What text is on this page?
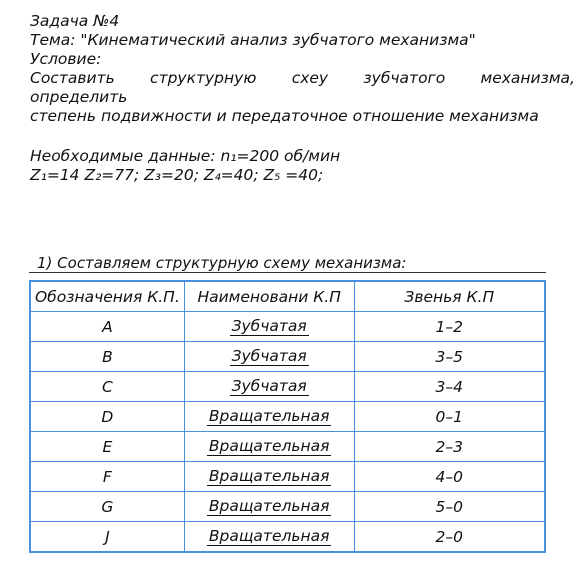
Задача №4
Тема: "Кинематический анализ зубчатого механизма"
Условие:
Составить структурную схеу зубчатого механизма,
определить
степень подвижности и передаточное отношение механизма
Необходимые данные: n₁=200 об/мин
Z₁=14 Z₂=77; Z₃=20; Z₄=40; Z₅ =40;
1) Составляем структурную схему механизма:
Обозначения К.П.	Наименовани К.П	Звенья К.П
A	Зубчатая	1–2
B	Зубчатая	3–5
C	Зубчатая	3–4
D	Вращательная	0–1
E	Вращательная	2–3
F	Вращательная	4–0
G	Вращательная	5–0
J	Вращательная	2–0
